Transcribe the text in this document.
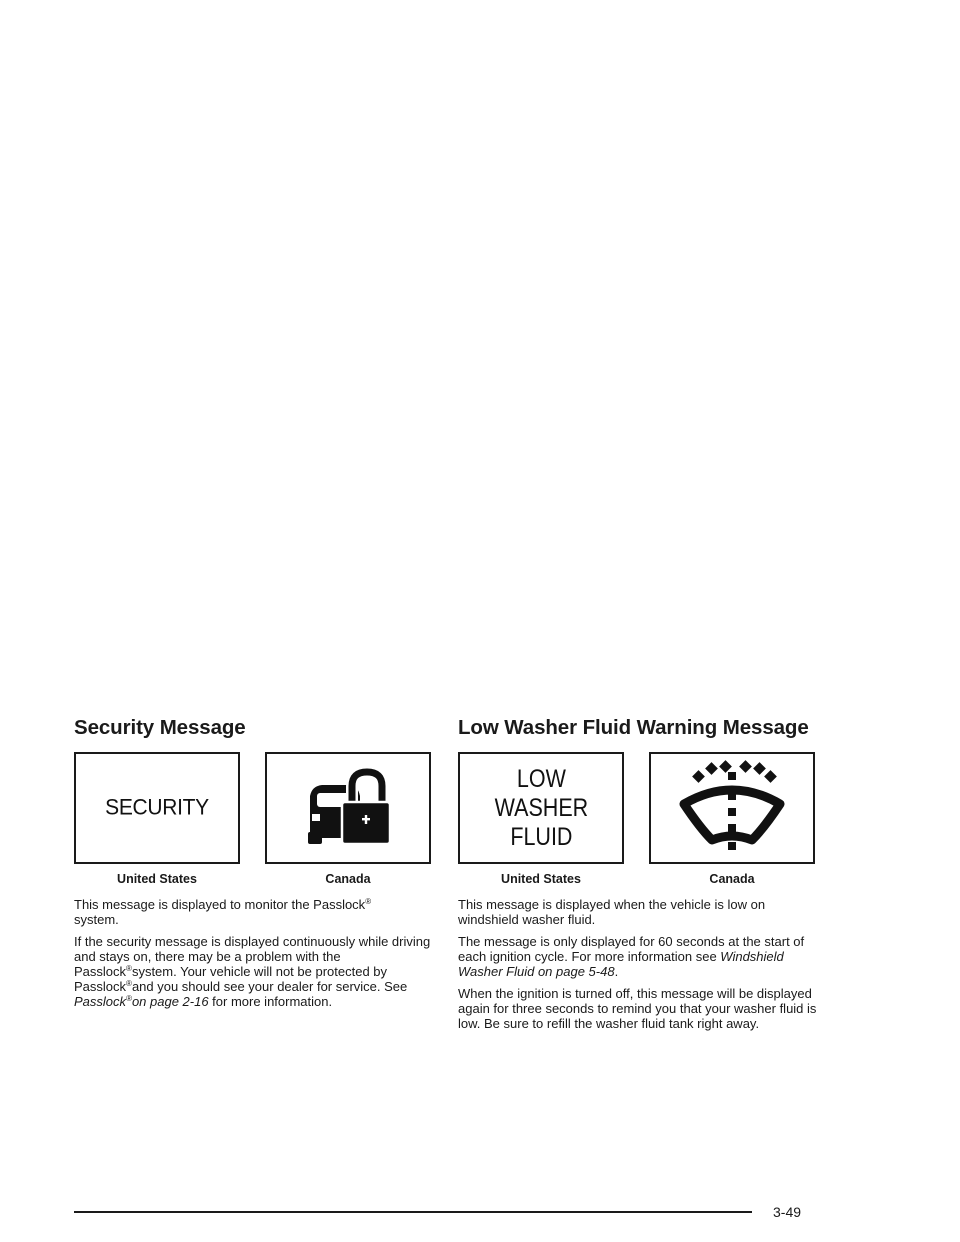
Security Message
SECURITY
United States	Canada

This message is displayed to monitor the Passlock®
system.

If the security message is displayed continuously while driving and stays on, there may be a problem with the Passlock®system. Your vehicle will not be protected by Passlock®and you should see your dealer for service. See Passlock®on page 2-16 for more information.

Low Washer Fluid Warning Message
LOW
WASHER
FLUID
United States	Canada

This message is displayed when the vehicle is low on windshield washer fluid.

The message is only displayed for 60 seconds at the start of each ignition cycle. For more information see Windshield Washer Fluid on page 5-48.

When the ignition is turned off, this message will be displayed again for three seconds to remind you that your washer fluid is low. Be sure to refill the washer fluid tank right away.

3-49
